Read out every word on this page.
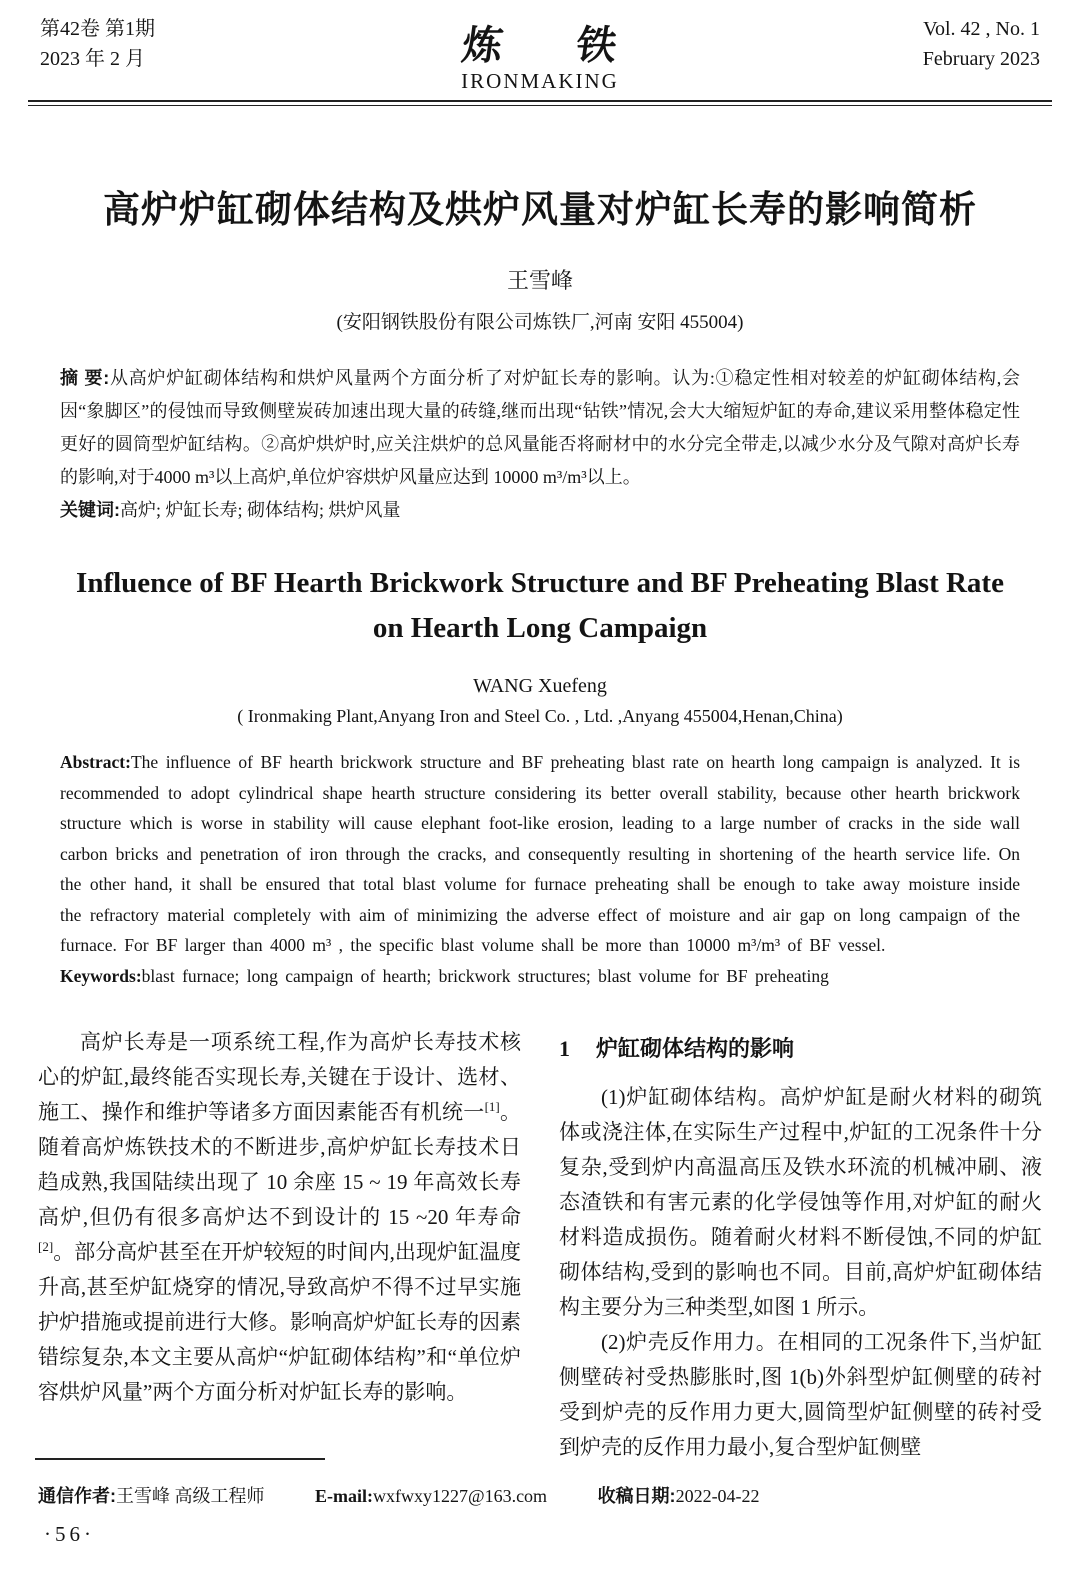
第42卷 第1期
2023 年 2 月	炼 铁
IRONMAKING
Vol. 42 , No. 1
February 2023
高炉炉缸砌体结构及烘炉风量对炉缸长寿的影响简析
王雪峰
(安阳钢铁股份有限公司炼铁厂,河南 安阳 455004)

摘 要:从高炉炉缸砌体结构和烘炉风量两个方面分析了对炉缸长寿的影响。认为:①稳定性相对较差的炉缸砌体结构,会因“象脚区”的侵蚀而导致侧壁炭砖加速出现大量的砖缝,继而出现“钻铁”情况,会大大缩短炉缸的寿命,建议采用整体稳定性更好的圆筒型炉缸结构。②高炉烘炉时,应关注烘炉的总风量能否将耐材中的水分完全带走,以减少水分及气隙对高炉长寿的影响,对于4000 m³以上高炉,单位炉容烘炉风量应达到 10000 m³/m³以上。

关键词:高炉; 炉缸长寿; 砌体结构; 烘炉风量

Influence of BF Hearth Brickwork Structure and BF Preheating Blast Rate
on Hearth Long Campaign
WANG Xuefeng
( Ironmaking Plant,Anyang Iron and Steel Co. , Ltd. ,Anyang 455004,Henan,China)

Abstract:The influence of BF hearth brickwork structure and BF preheating blast rate on hearth long campaign is analyzed. It is recommended to adopt cylindrical shape hearth structure considering its better overall stability, because other hearth brickwork structure which is worse in stability will cause elephant foot-like erosion, leading to a large number of cracks in the side wall carbon bricks and penetration of iron through the cracks, and consequently resulting in shortening of the hearth service life. On the other hand, it shall be ensured that total blast volume for furnace preheating shall be enough to take away moisture inside the refractory material completely with aim of minimizing the adverse effect of moisture and air gap on long campaign of the furnace. For BF larger than 4000 m³ , the specific blast volume shall be more than 10000 m³/m³ of BF vessel.

Keywords:blast furnace; long campaign of hearth; brickwork structures; blast volume for BF preheating

高炉长寿是一项系统工程,作为高炉长寿技术核心的炉缸,最终能否实现长寿,关键在于设计、选材、施工、操作和维护等诸多方面因素能否有机统一[1]。随着高炉炼铁技术的不断进步,高炉炉缸长寿技术日趋成熟,我国陆续出现了 10 余座 15 ~ 19 年高效长寿高炉,但仍有很多高炉达不到设计的 15 ~20 年寿命[2]。部分高炉甚至在开炉较短的时间内,出现炉缸温度升高,甚至炉缸烧穿的情况,导致高炉不得不过早实施护炉措施或提前进行大修。影响高炉炉缸长寿的因素错综复杂,本文主要从高炉“炉缸砌体结构”和“单位炉容烘炉风量”两个方面分析对炉缸长寿的影响。

1 炉缸砌体结构的影响

(1)炉缸砌体结构。高炉炉缸是耐火材料的砌筑体或浇注体,在实际生产过程中,炉缸的工况条件十分复杂,受到炉内高温高压及铁水环流的机械冲刷、液态渣铁和有害元素的化学侵蚀等作用,对炉缸的耐火材料造成损伤。随着耐火材料不断侵蚀,不同的炉缸砌体结构,受到的影响也不同。目前,高炉炉缸砌体结构主要分为三种类型,如图 1 所示。

(2)炉壳反作用力。在相同的工况条件下,当炉缸侧壁砖衬受热膨胀时,图 1(b)外斜型炉缸侧壁的砖衬受到炉壳的反作用力更大,圆筒型炉缸侧壁的砖衬受到炉壳的反作用力最小,复合型炉缸侧壁

通信作者:王雪峰 高级工程师	E-mail:wxfwxy1227@163.com	收稿日期:2022-04-22
·56·
